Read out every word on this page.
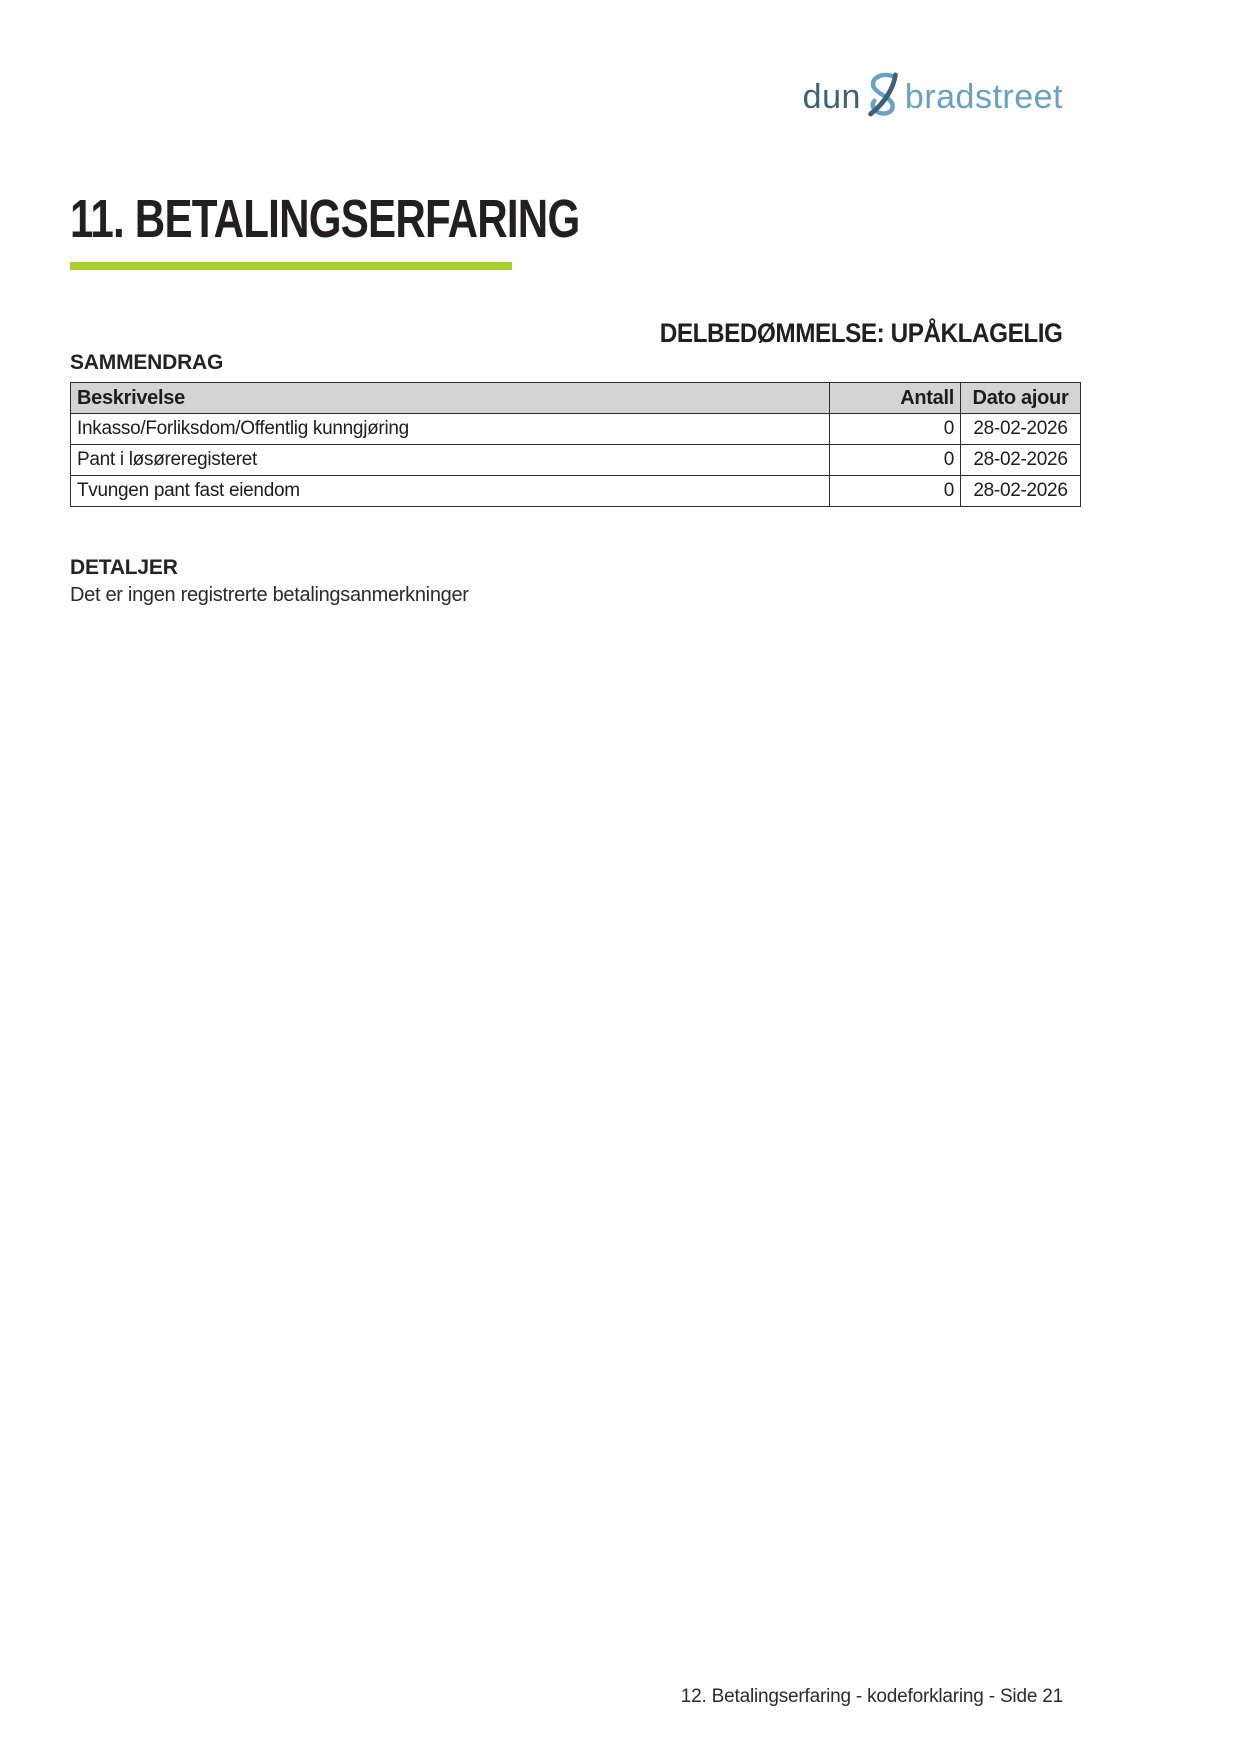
dun bradstreet
11. BETALINGSERFARING
DELBEDØMMELSE: UPÅKLAGELIG
SAMMENDRAG
Beskrivelse	Antall	Dato ajour
Inkasso/Forliksdom/Offentlig kunngjøring	0	28-02-2026
Pant i løsøreregisteret	0	28-02-2026
Tvungen pant fast eiendom	0	28-02-2026
DETALJER

Det er ingen registrerte betalingsanmerkninger

12. Betalingserfaring - kodeforklaring - Side 21
